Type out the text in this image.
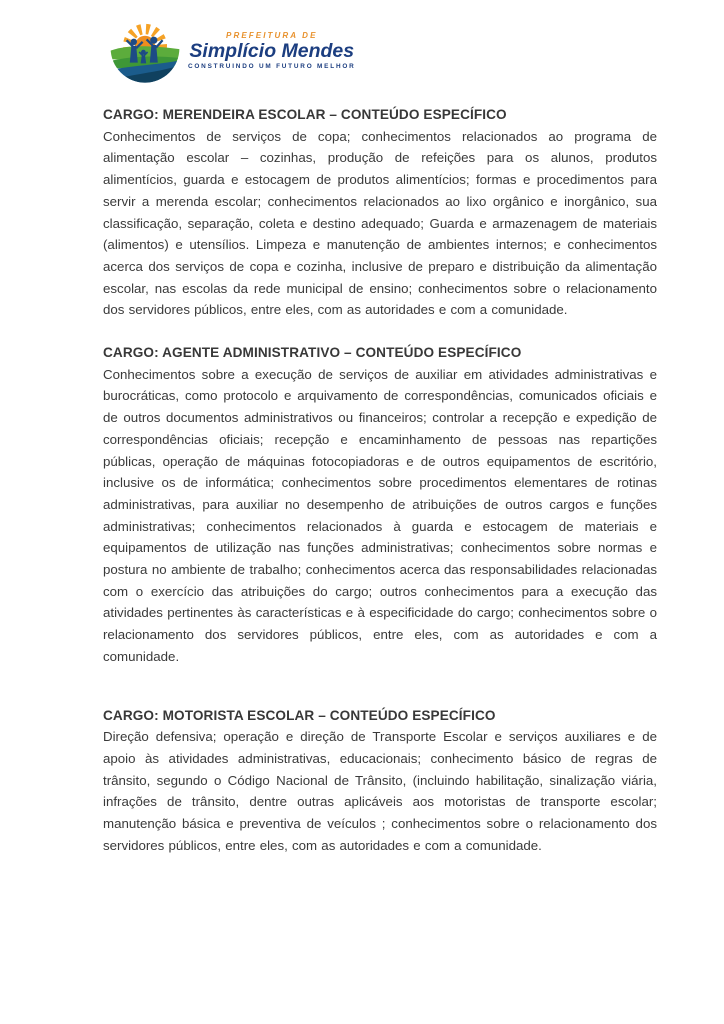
PREFEITURA DE
Simplício Mendes
CONSTRUINDO UM FUTURO MELHOR
CARGO: MERENDEIRA ESCOLAR – CONTEÚDO ESPECÍFICO

Conhecimentos de serviços de copa; conhecimentos relacionados ao programa de alimentação escolar – cozinhas, produção de refeições para os alunos, produtos alimentícios, guarda e estocagem de produtos alimentícios; formas e procedimentos para servir a merenda escolar; conhecimentos relacionados ao lixo orgânico e inorgânico, sua classificação, separação, coleta e destino adequado; Guarda e armazenagem de materiais (alimentos) e utensílios. Limpeza e manutenção de ambientes internos; e conhecimentos acerca dos serviços de copa e cozinha, inclusive de preparo e distribuição da alimentação escolar, nas escolas da rede municipal de ensino; conhecimentos sobre o relacionamento dos servidores públicos, entre eles, com as autoridades e com a comunidade.

CARGO: AGENTE ADMINISTRATIVO – CONTEÚDO ESPECÍFICO

Conhecimentos sobre a execução de serviços de auxiliar em atividades administrativas e burocráticas, como protocolo e arquivamento de correspondências, comunicados oficiais e de outros documentos administrativos ou financeiros; controlar a recepção e expedição de correspondências oficiais; recepção e encaminhamento de pessoas nas repartições públicas, operação de máquinas fotocopiadoras e de outros equipamentos de escritório, inclusive os de informática; conhecimentos sobre procedimentos elementares de rotinas administrativas, para auxiliar no desempenho de atribuições de outros cargos e funções administrativas; conhecimentos relacionados à guarda e estocagem de materiais e equipamentos de utilização nas funções administrativas; conhecimentos sobre normas e postura no ambiente de trabalho; conhecimentos acerca das responsabilidades relacionadas com o exercício das atribuições do cargo; outros conhecimentos para a execução das atividades pertinentes às características e à especificidade do cargo; conhecimentos sobre o relacionamento dos servidores públicos, entre eles, com as autoridades e com a comunidade.

CARGO: MOTORISTA ESCOLAR – CONTEÚDO ESPECÍFICO

Direção defensiva; operação e direção de Transporte Escolar e serviços auxiliares e de apoio às atividades administrativas, educacionais; conhecimento básico de regras de trânsito, segundo o Código Nacional de Trânsito, (incluindo habilitação, sinalização viária, infrações de trânsito, dentre outras aplicáveis aos motoristas de transporte escolar; manutenção básica e preventiva de veículos ; conhecimentos sobre o relacionamento dos servidores públicos, entre eles, com as autoridades e com a comunidade.
